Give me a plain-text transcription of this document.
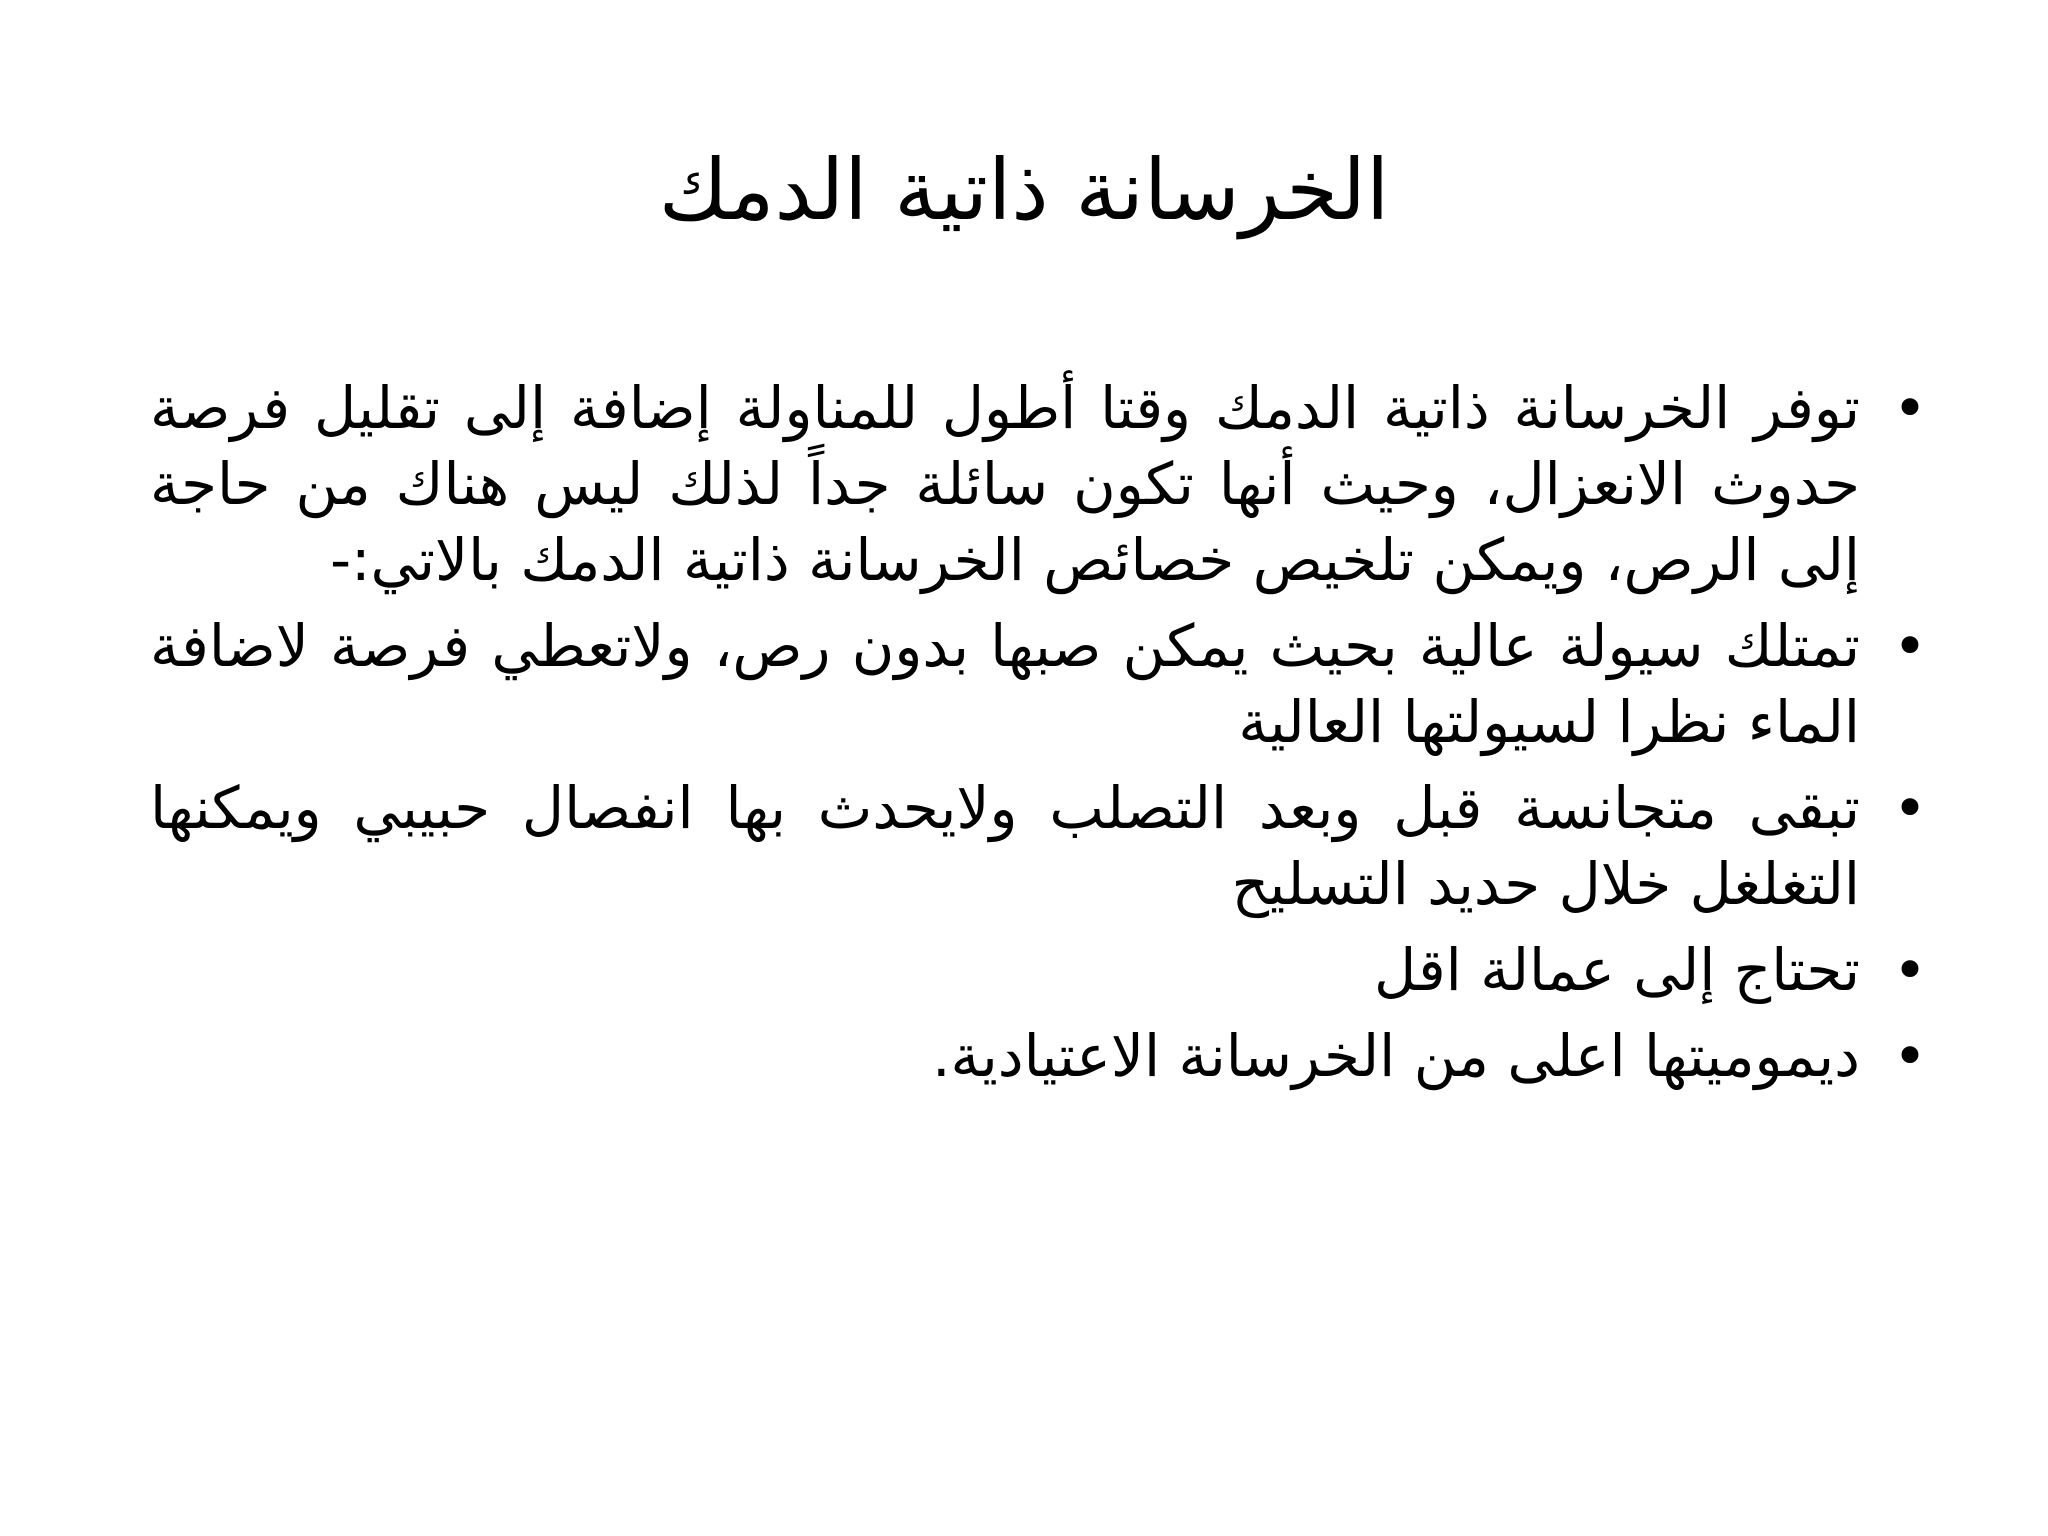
الخرسانة ذاتية الدمك
•
توفر الخرسانة ذاتية الدمك وقتا أطول للمناولة إضافة إلى تقليل فرصة حدوث الانعزال، وحيث أنها تكون سائلة جداً لذلك ليس هناك من حاجة إلى الرص، ويمكن تلخيص خصائص الخرسانة ذاتية الدمك بالاتي:-
•
تمتلك سيولة عالية بحيث يمكن صبها بدون رص، ولاتعطي فرصة لاضافة الماء نظرا لسيولتها العالية
•
تبقى متجانسة قبل وبعد التصلب ولايحدث بها انفصال حبيبي ويمكنها التغلغل خلال حديد التسليح
•
تحتاج إلى عمالة اقل
•
ديموميتها اعلى من الخرسانة الاعتيادية.
